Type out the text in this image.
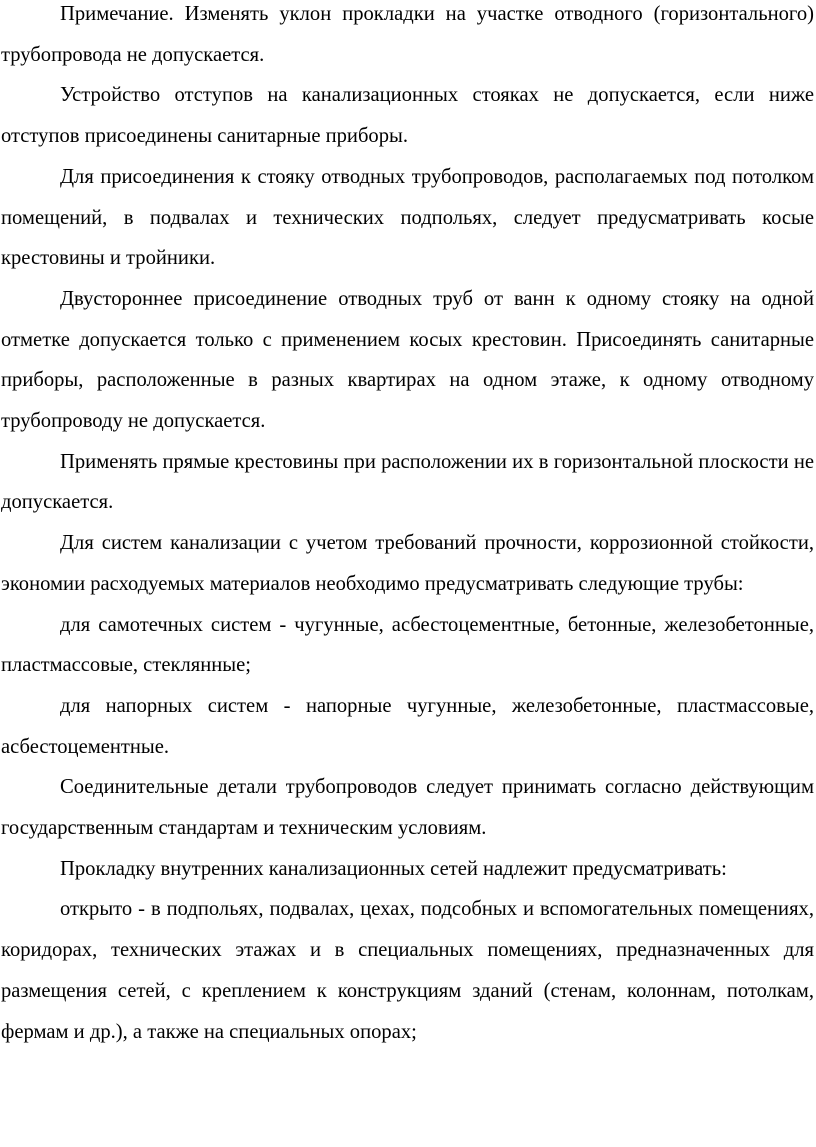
Примечание. Изменять уклон прокладки на участке отводного (горизонтального) трубопровода не допускается.

Устройство отступов на канализационных стояках не допускается, если ниже отступов присоединены санитарные приборы.

Для присоединения к стояку отводных трубопроводов, располагаемых под потолком помещений, в подвалах и технических подпольях, следует предусматривать косые крестовины и тройники.

Двустороннее присоединение отводных труб от ванн к одному стояку на одной отметке допускается только с применением косых крестовин. Присоединять санитарные приборы, расположенные в разных квартирах на одном этаже, к одному отводному трубопроводу не допускается.

Применять прямые крестовины при расположении их в горизонтальной плоскости не допускается.

Для систем канализации с учетом требований прочности, коррозионной стойкости, экономии расходуемых материалов необходимо предусматривать следующие трубы:

для самотечных систем - чугунные, асбестоцементные, бетонные, железобетонные, пластмассовые, стеклянные;

для напорных систем - напорные чугунные, железобетонные, пластмассовые, асбестоцементные.

Соединительные детали трубопроводов следует принимать согласно действующим государственным стандартам и техническим условиям.

Прокладку внутренних канализационных сетей надлежит предусматривать:

открыто - в подпольях, подвалах, цехах, подсобных и вспомогательных помещениях, коридорах, технических этажах и в специальных помещениях, предназначенных для размещения сетей, с креплением к конструкциям зданий (стенам, колоннам, потолкам, фермам и др.), а также на специальных опорах;
